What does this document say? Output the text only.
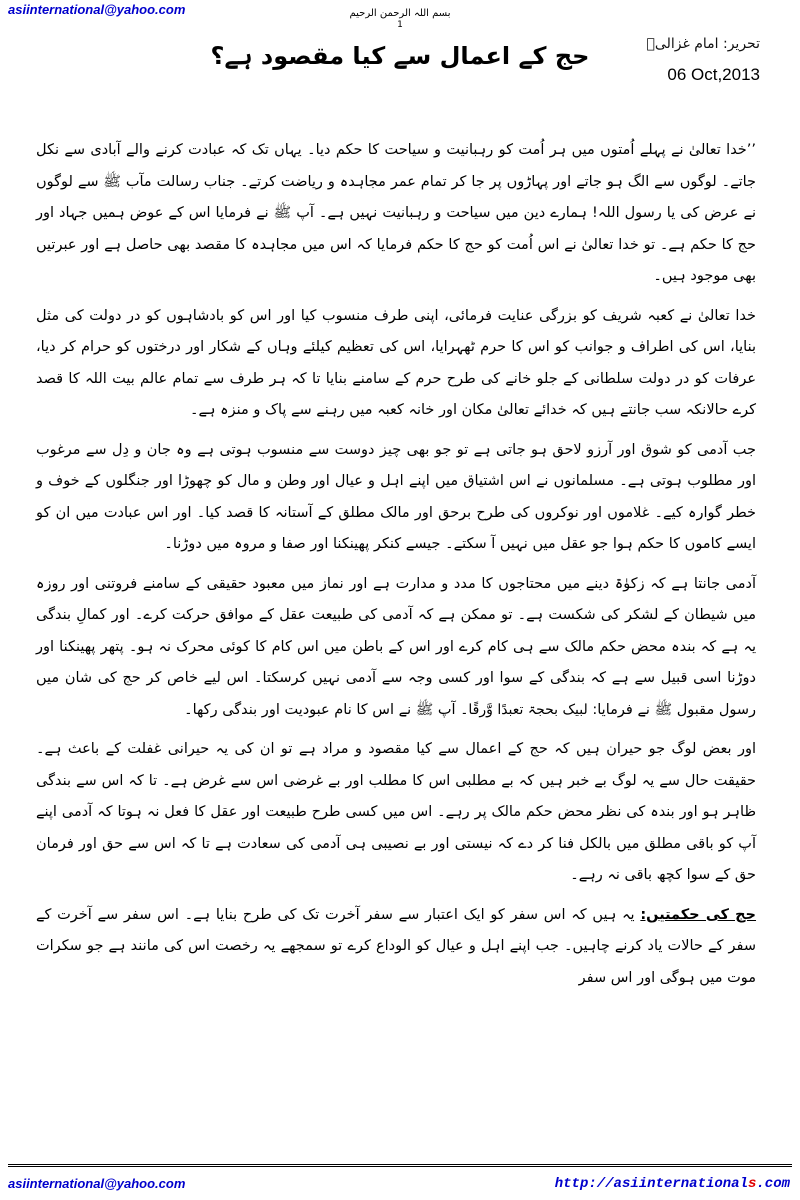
asiinternational@yahoo.com	بسم اللہ الرحمن الرحیم
1
تحریر: امام غزالیؒ
06 Oct,2013
حج کے اعمال سے کیا مقصود ہے؟

’’خدا تعالیٰ نے پہلے اُمتوں میں ہر اُمت کو رہبانیت و سیاحت کا حکم دیا۔ یہاں تک کہ عبادت کرنے والے آبادی سے نکل جاتے۔ لوگوں سے الگ ہو جاتے اور پہاڑوں پر جا کر تمام عمر مجاہدہ و ریاضت کرتے۔ جناب رسالت مآب ﷺ سے لوگوں نے عرض کی یا رسول اللہ! ہمارے دین میں سیاحت و رہبانیت نہیں ہے۔ آپ ﷺ نے فرمایا اس کے عوض ہمیں جہاد اور حج کا حکم ہے۔ تو خدا تعالیٰ نے اس اُمت کو حج کا حکم فرمایا کہ اس میں مجاہدہ کا مقصد بھی حاصل ہے اور عبرتیں بھی موجود ہیں۔

خدا تعالیٰ نے کعبہ شریف کو بزرگی عنایت فرمائی، اپنی طرف منسوب کیا اور اس کو بادشاہوں کو در دولت کی مثل بنایا، اس کی اطراف و جوانب کو اس کا حرم ٹھہرایا، اس کی تعظیم کیلئے وہاں کے شکار اور درختوں کو حرام کر دیا، عرفات کو در دولت سلطانی کے جلو خانے کی طرح حرم کے سامنے بنایا تا کہ ہر طرف سے تمام عالم بیت اللہ کا قصد کرے حالانکہ سب جانتے ہیں کہ خدائے تعالیٰ مکان اور خانہ کعبہ میں رہنے سے پاک و منزہ ہے۔

جب آدمی کو شوق اور آرزو لاحق ہو جاتی ہے تو جو بھی چیز دوست سے منسوب ہوتی ہے وہ جان و دِل سے مرغوب اور مطلوب ہوتی ہے۔ مسلمانوں نے اس اشتیاق میں اپنے اہل و عیال اور وطن و مال کو چھوڑا اور جنگلوں کے خوف و خطر گوارہ کیے۔ غلاموں اور نوکروں کی طرح برحق اور مالک مطلق کے آستانہ کا قصد کیا۔ اور اس عبادت میں ان کو ایسے کاموں کا حکم ہوا جو عقل میں نہیں آ سکتے۔ جیسے کنکر پھینکنا اور صفا و مروہ میں دوڑنا۔

آدمی جانتا ہے کہ زکوٰۃ دینے میں محتاجوں کا مدد و مدارت ہے اور نماز میں معبود حقیقی کے سامنے فروتنی اور روزہ میں شیطان کے لشکر کی شکست ہے۔ تو ممکن ہے کہ آدمی کی طبیعت عقل کے موافق حرکت کرے۔ اور کمالِ بندگی یہ ہے کہ بندہ محض حکم مالک سے ہی کام کرے اور اس کے باطن میں اس کام کا کوئی محرک نہ ہو۔ پتھر پھینکنا اور دوڑنا اسی قبیل سے ہے کہ بندگی کے سوا اور کسی وجہ سے آدمی نہیں کرسکتا۔ اس لیے خاص کر حج کی شان میں رسول مقبول ﷺ نے فرمایا: لبیک بحجۃ تعبدًا وَّرقًا۔ آپ ﷺ نے اس کا نام عبودیت اور بندگی رکھا۔

اور بعض لوگ جو حیران ہیں کہ حج کے اعمال سے کیا مقصود و مراد ہے تو ان کی یہ حیرانی غفلت کے باعث ہے۔ حقیقت حال سے یہ لوگ بے خبر ہیں کہ بے مطلبی اس کا مطلب اور بے غرضی اس سے غرض ہے۔ تا کہ اس سے بندگی ظاہر ہو اور بندہ کی نظر محض حکم مالک پر رہے۔ اس میں کسی طرح طبیعت اور عقل کا فعل نہ ہوتا کہ آدمی اپنے آپ کو باقی مطلق میں بالکل فنا کر دے کہ نیستی اور بے نصیبی ہی آدمی کی سعادت ہے تا کہ اس سے حق اور فرمان حق کے سوا کچھ باقی نہ رہے۔

حج کی حکمتیں: یہ ہیں کہ اس سفر کو ایک اعتبار سے سفر آخرت تک کی طرح بنایا ہے۔ اس سفر سے آخرت کے سفر کے حالات یاد کرنے چاہیں۔ جب اپنے اہل و عیال کو الوداع کرے تو سمجھے یہ رخصت اس کی مانند ہے جو سکرات موت میں ہوگی اور اس سفر

asiinternational@yahoo.com	http://asiinternationals.com
